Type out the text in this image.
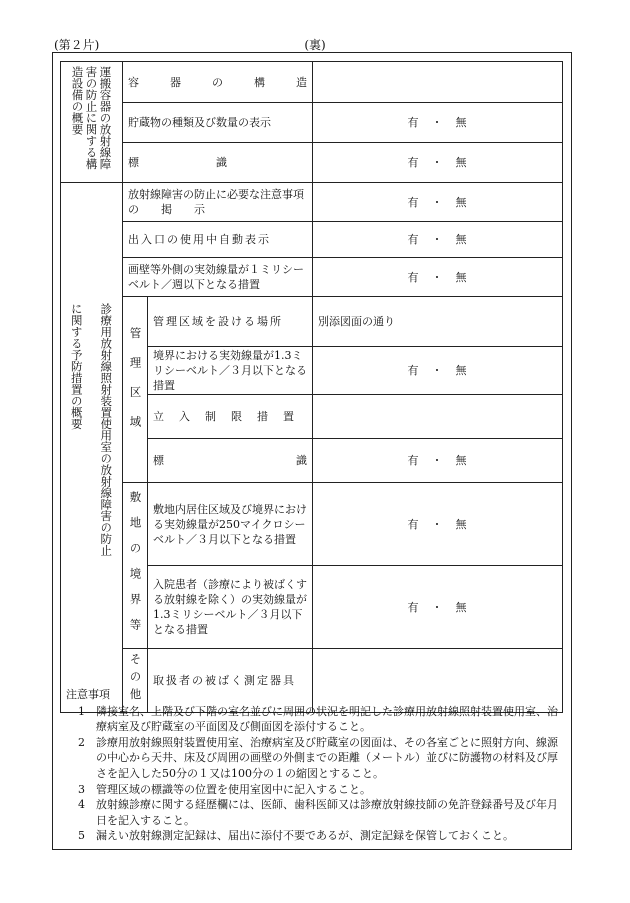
(第２片)	(裏)
運搬容器の放射線障害の防止に関する構造設備の概要	容　器　の　構　造		
	貯蔵物の種類及び数量の表示		有　・　無
	標　　　　　　　識		有　・　無

診療用放射線照射装置使用室の放射線障害の防止
に関する予防措置の概要	放射線障害の防止に必要な注意事項　　の　　掲　　示		有　・　無
	出入口の使用中自動表示		有　・　無
	画壁等外側の実効線量が１ミリシーベルト／週以下となる措置		有　・　無

	管理区域	管理区域を設ける場所	別添図面の通り
		境界における実効線量が1.3ミリシーベルト／３月以下となる措置	有　・　無
		立　入　制　限　措　置	
		標　　　　　　　識	有　・　無

	敷地の境界等	敷地内居住区域及び境界における実効線量が250マイクロシーベルト／３月以下となる措置	有　・　無
		入院患者（診療により被ばくする放射線を除く）の実効線量が1.3ミリシーベルト／３月以下となる措置	有　・　無

	その他	取扱者の被ばく測定器具	
注意事項
1　隣接室名、上階及び下階の室名並びに周囲の状況を明記した診療用放射線照射装置使用室、治療病室及び貯蔵室の平面図及び側面図を添付すること。
2　診療用放射線照射装置使用室、治療病室及び貯蔵室の図面は、その各室ごとに照射方向、線源の中心から天井、床及び周囲の画壁の外側までの距離（メートル）並びに防護物の材料及び厚さを記入した50分の１又は100分の１の縮図とすること。
3　管理区域の標識等の位置を使用室図中に記入すること。
4　放射線診療に関する経歴欄には、医師、歯科医師又は診療放射線技師の免許登録番号及び年月日を記入すること。
5　漏えい放射線測定記録は、届出に添付不要であるが、測定記録を保管しておくこと。
